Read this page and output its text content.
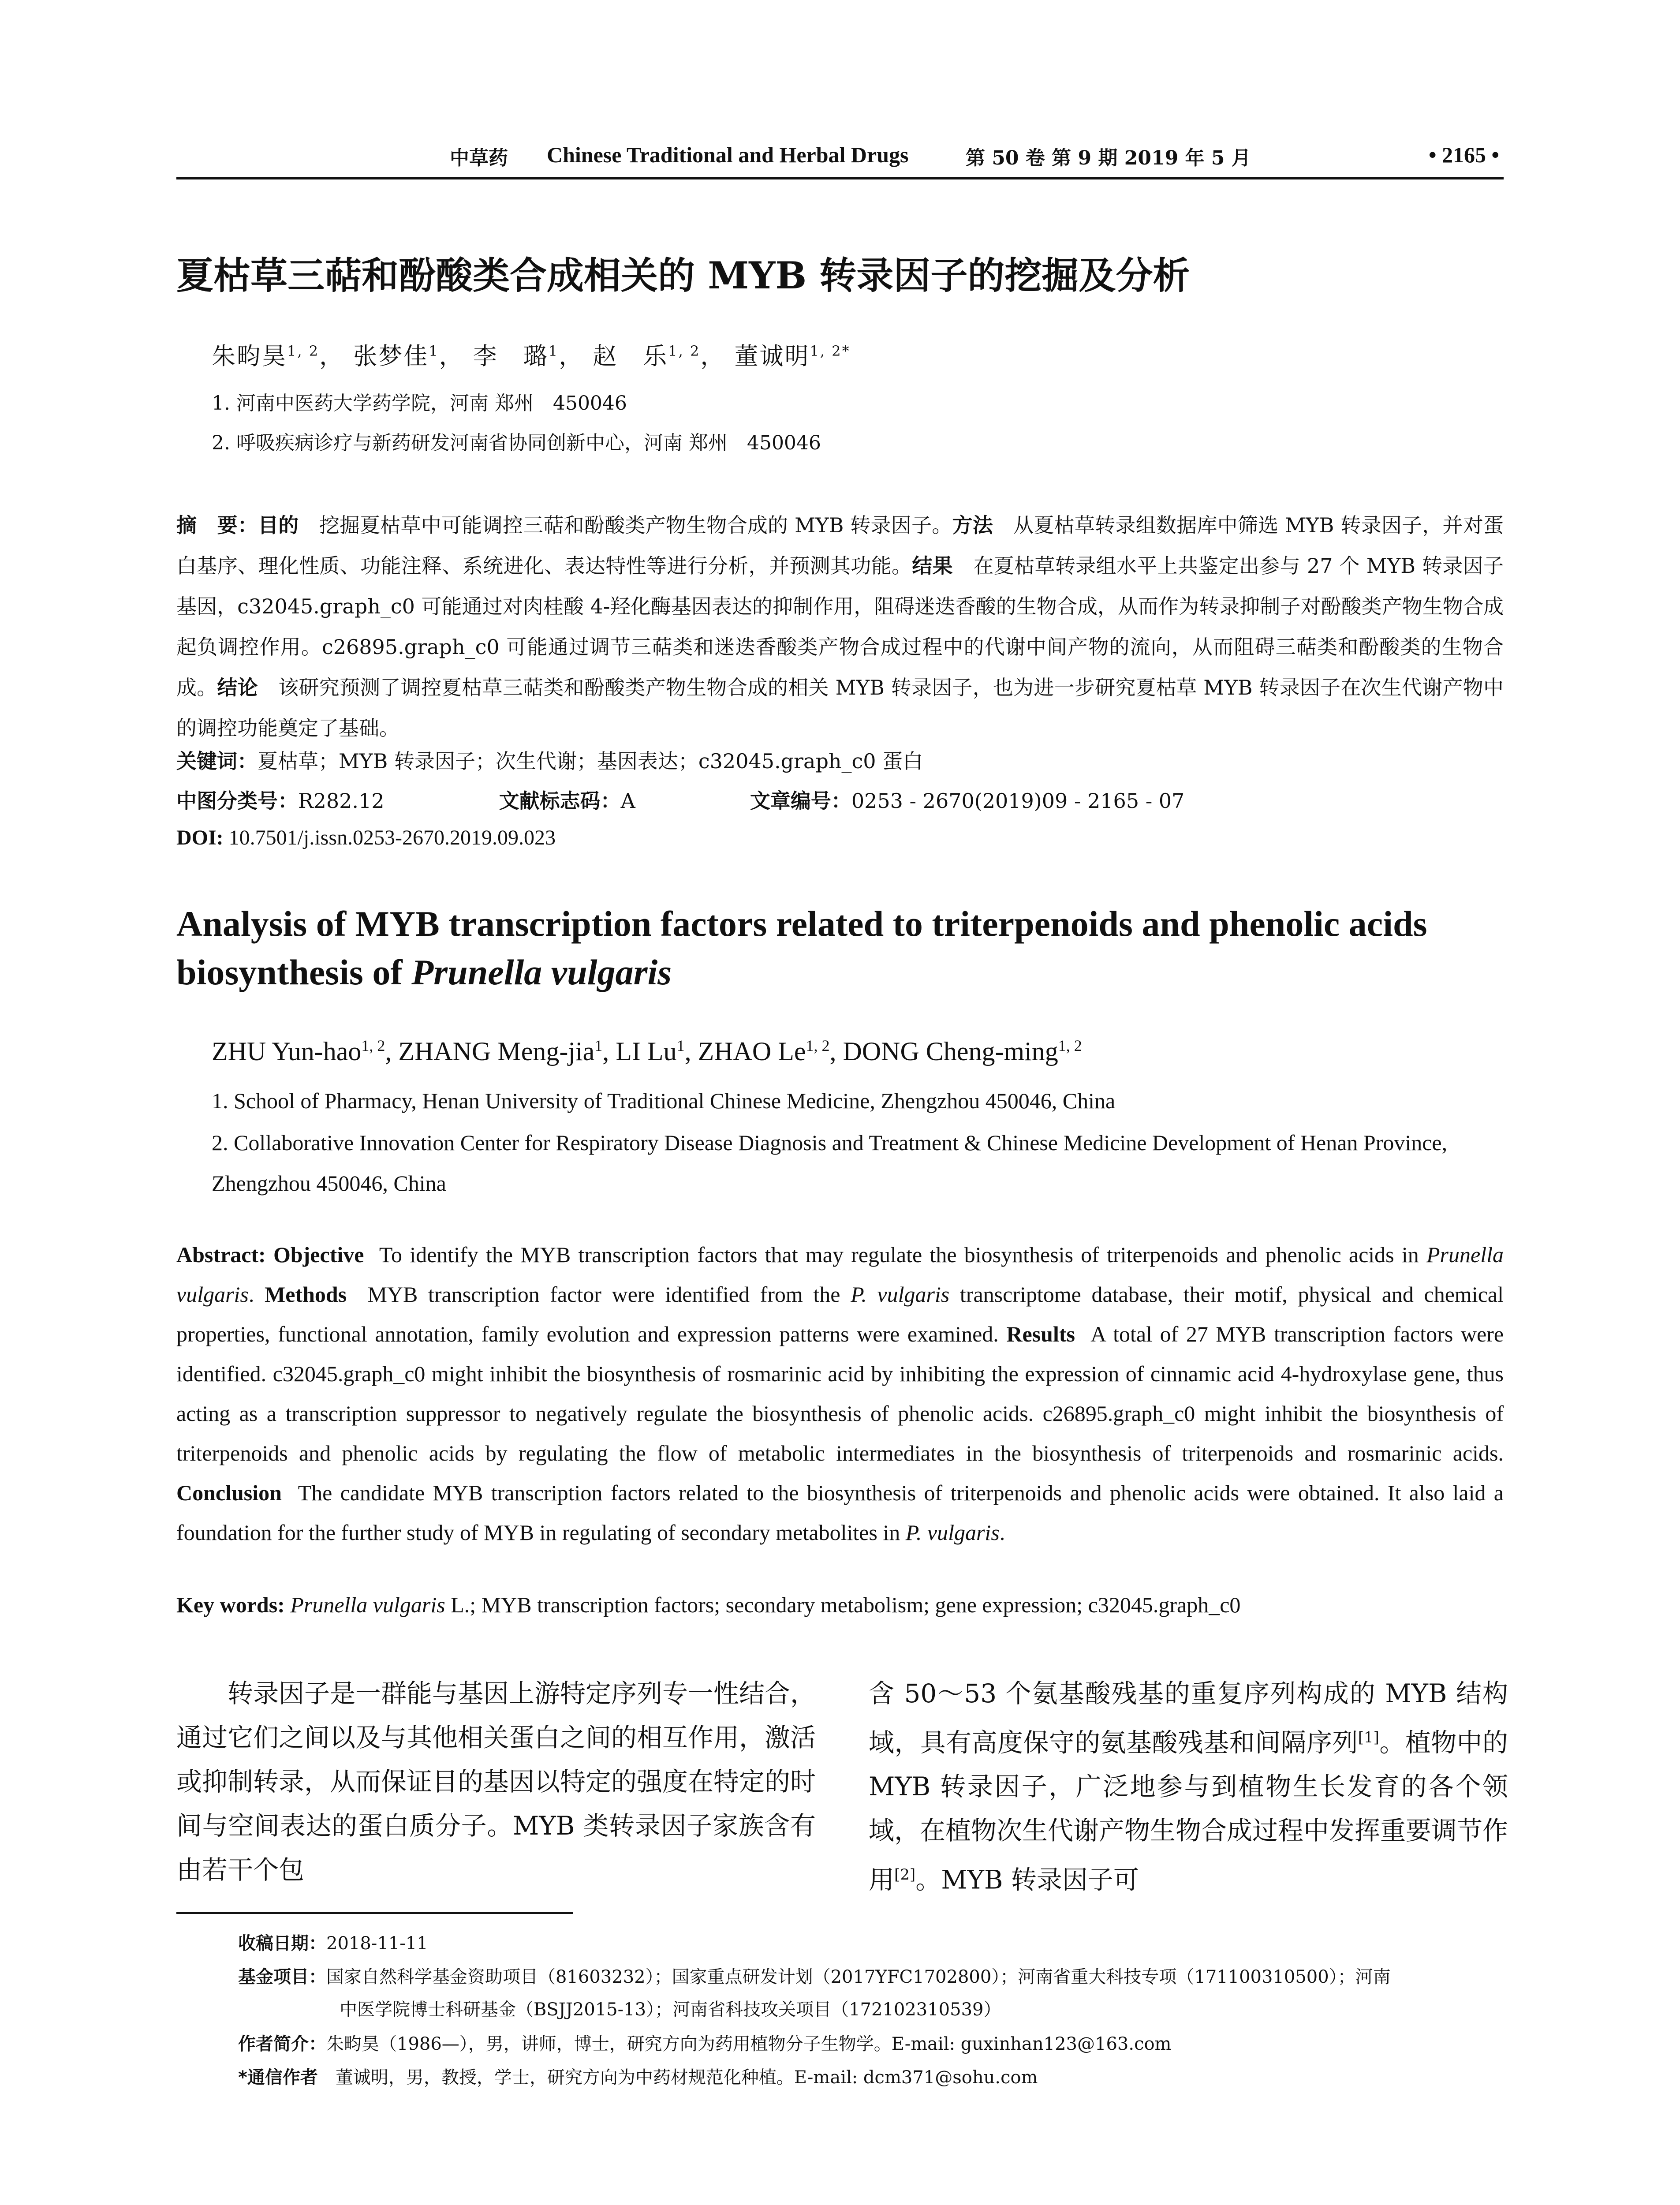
中草药 Chinese Traditional and Herbal Drugs	第 50 卷 第 9 期 2019 年 5 月	• 2165 •
夏枯草三萜和酚酸类合成相关的 MYB 转录因子的挖掘及分析
朱畇昊$^{1, 2}$， 张梦佳$^1$， 李　璐$^1$， 赵　乐$^{1, 2}$， 董诚明$^{1, 2*}$
1. 河南中医药大学药学院，河南 郑州　450046
2. 呼吸疾病诊疗与新药研发河南省协同创新中心，河南 郑州　450046
摘　要：目的　 挖掘夏枯草中可能调控三萜和酚酸类产物生物合成的 MYB 转录因子。方法　 从夏枯草转录组数据库中筛选 MYB 转录因子，并对蛋白基序、理化性质、功能注释、系统进化、表达特性等进行分析，并预测其功能。结果　 在夏枯草转录组水平上共鉴定出参与 27 个 MYB 转录因子基因，c32045.graph_c0 可能通过对肉桂酸 4-羟化酶基因表达的抑制作用，阻碍迷迭香酸的生物合成，从而作为转录抑制子对酚酸类产物生物合成起负调控作用。c26895.graph_c0 可能通过调节三萜类和迷迭香酸类产物合成过程中的代谢中间产物的流向，从而阻碍三萜类和酚酸类的生物合成。结论　 该研究预测了调控夏枯草三萜类和酚酸类产物生物合成的相关 MYB 转录因子，也为进一步研究夏枯草 MYB 转录因子在次生代谢产物中的调控功能奠定了基础。
关键词：夏枯草；MYB 转录因子；次生代谢；基因表达；c32045.graph_c0 蛋白
中图分类号：R282.12	文献标志码：A	文章编号：0253 - 2670(2019)09 - 2165 - 07
DOI: 10.7501/j.issn.0253-2670.2019.09.023
Analysis of MYB transcription factors related to triterpenoids and phenolic acids biosynthesis of Prunella vulgaris
ZHU Yun-hao$^{1, 2}$, ZHANG Meng-jia$^1$, LI Lu$^1$, ZHAO Le$^{1, 2}$, DONG Cheng-ming$^{1, 2}$
1. School of Pharmacy, Henan University of Traditional Chinese Medicine, Zhengzhou 450046, China
2. Collaborative Innovation Center for Respiratory Disease Diagnosis and Treatment & Chinese Medicine Development of Henan Province, Zhengzhou 450046, China
Abstract: Objective To identify the MYB transcription factors that may regulate the biosynthesis of triterpenoids and phenolic acids in Prunella vulgaris. Methods MYB transcription factor were identified from the P. vulgaris transcriptome database, their motif, physical and chemical properties, functional annotation, family evolution and expression patterns were examined. Results A total of 27 MYB transcription factors were identified. c32045.graph_c0 might inhibit the biosynthesis of rosmarinic acid by inhibiting the expression of cinnamic acid 4-hydroxylase gene, thus acting as a transcription suppressor to negatively regulate the biosynthesis of phenolic acids. c26895.graph_c0 might inhibit the biosynthesis of triterpenoids and phenolic acids by regulating the flow of metabolic intermediates in the biosynthesis of triterpenoids and rosmarinic acids. Conclusion The candidate MYB transcription factors related to the biosynthesis of triterpenoids and phenolic acids were obtained. It also laid a foundation for the further study of MYB in regulating of secondary metabolites in P. vulgaris.
Key words: Prunella vulgaris L.; MYB transcription factors; secondary metabolism; gene expression; c32045.graph_c0
转录因子是一群能与基因上游特定序列专一性结合，通过它们之间以及与其他相关蛋白之间的相互作用，激活或抑制转录，从而保证目的基因以特定的强度在特定的时间与空间表达的蛋白质分子。MYB 类转录因子家族含有由若干个包
含 50～53 个氨基酸残基的重复序列构成的 MYB 结构域，具有高度保守的氨基酸残基和间隔序列[1]。植物中的 MYB 转录因子，广泛地参与到植物生长发育的各个领域，在植物次生代谢产物生物合成过程中发挥重要调节作用[2]。MYB 转录因子可
收稿日期：2018-11-11
基金项目：国家自然科学基金资助项目（81603232）；国家重点研发计划（2017YFC1702800）；河南省重大科技专项（171100310500）；河南
中医学院博士科研基金（BSJJ2015-13）；河南省科技攻关项目（172102310539）
作者简介：朱畇昊（1986—），男，讲师，博士，研究方向为药用植物分子生物学。E-mail: guxinhan123@163.com
*通信作者　董诚明，男，教授，学士，研究方向为中药材规范化种植。E-mail: dcm371@sohu.com
